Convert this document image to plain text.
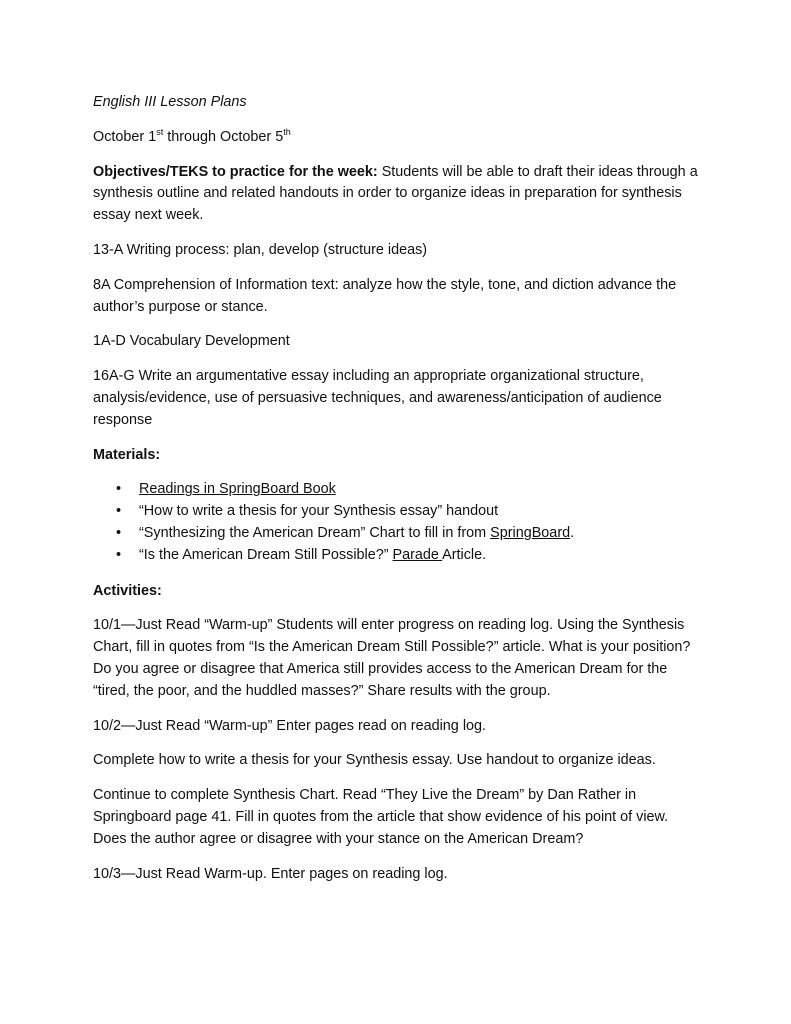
English III Lesson Plans

October 1st through October 5th

Objectives/TEKS to practice for the week: Students will be able to draft their ideas through a synthesis outline and related handouts in order to organize ideas in preparation for synthesis essay next week.

13-A Writing process: plan, develop (structure ideas)

8A Comprehension of Information text: analyze how the style, tone, and diction advance the author’s purpose or stance.

1A-D Vocabulary Development

16A-G Write an argumentative essay including an appropriate organizational structure, analysis/evidence, use of persuasive techniques, and awareness/anticipation of audience response

Materials:

• Readings in SpringBoard Book
• “How to write a thesis for your Synthesis essay” handout
• “Synthesizing the American Dream” Chart to fill in from SpringBoard.
• “Is the American Dream Still Possible?” Parade Article.

Activities:

10/1—Just Read “Warm-up” Students will enter progress on reading log. Using the Synthesis Chart, fill in quotes from “Is the American Dream Still Possible?” article. What is your position? Do you agree or disagree that America still provides access to the American Dream for the “tired, the poor, and the huddled masses?” Share results with the group.

10/2—Just Read “Warm-up” Enter pages read on reading log.

Complete how to write a thesis for your Synthesis essay. Use handout to organize ideas.

Continue to complete Synthesis Chart. Read “They Live the Dream” by Dan Rather in Springboard page 41. Fill in quotes from the article that show evidence of his point of view. Does the author agree or disagree with your stance on the American Dream?

10/3—Just Read Warm-up. Enter pages on reading log.
